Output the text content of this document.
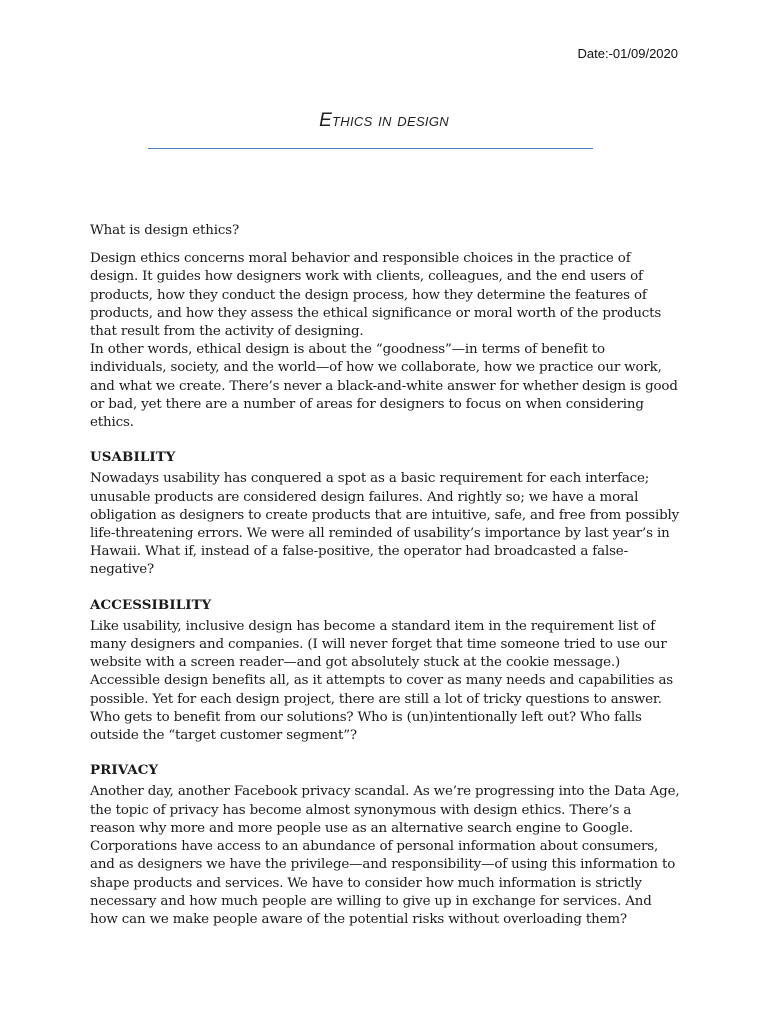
Date:-01/09/2020
Ethics in design

What is design ethics?

Design ethics concerns moral behavior and responsible choices in the practice of design. It guides how designers work with clients, colleagues, and the end users of products, how they conduct the design process, how they determine the features of products, and how they assess the ethical significance or moral worth of the products that result from the activity of designing.

In other words, ethical design is about the “goodness”—in terms of benefit to individuals, society, and the world—of how we collaborate, how we practice our work, and what we create. There’s never a black-and-white answer for whether design is good or bad, yet there are a number of areas for designers to focus on when considering ethics.

USABILITY

Nowadays usability has conquered a spot as a basic requirement for each interface; unusable products are considered design failures. And rightly so; we have a moral obligation as designers to create products that are intuitive, safe, and free from possibly life-threatening errors. We were all reminded of usability’s importance by last year’s in Hawaii. What if, instead of a false-positive, the operator had broadcasted a false-negative?

ACCESSIBILITY

Like usability, inclusive design has become a standard item in the requirement list of many designers and companies. (I will never forget that time someone tried to use our website with a screen reader—and got absolutely stuck at the cookie message.) Accessible design benefits all, as it attempts to cover as many needs and capabilities as possible. Yet for each design project, there are still a lot of tricky questions to answer. Who gets to benefit from our solutions? Who is (un)intentionally left out? Who falls outside the “target customer segment”?

PRIVACY

Another day, another Facebook privacy scandal. As we’re progressing into the Data Age, the topic of privacy has become almost synonymous with design ethics. There’s a reason why more and more people use as an alternative search engine to Google. Corporations have access to an abundance of personal information about consumers, and as designers we have the privilege—and responsibility—of using this information to shape products and services. We have to consider how much information is strictly necessary and how much people are willing to give up in exchange for services. And how can we make people aware of the potential risks without overloading them?
